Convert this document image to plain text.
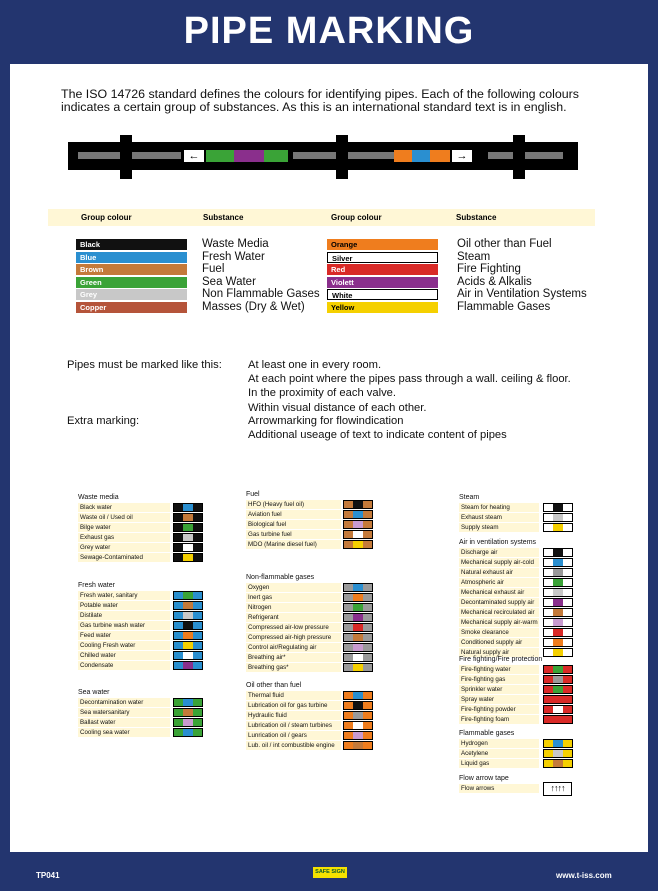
PIPE MARKING
The ISO 14726 standard defines the colours for identifying pipes. Each of the following colours indicates a certain group of substances. As this is an international standard text is in english.
←	→
Group colour	Substance	Group colour	Substance
Black	Waste Media
Blue	Fresh Water
Brown	Fuel
Green	Sea Water
Grey	Non Flammable Gases
Copper	Masses (Dry & Wet)
Orange	Oil other than Fuel
Silver	Steam
Red	Fire Fighting
Violett	Acids & Alkalis
White	Air in Ventilation Systems
Yellow	Flammable Gases
Pipes must be marked like this: At least one in every room.
At each point where the pipes pass through a wall. ceiling & floor.
In the proximity of each valve.
Within visual distance of each other.
Extra marking:	Arrowmarking for flowindication
Additional useage of text to indicate content of pipes
Waste media
Black water
Waste oil / Used oil
Bilge water
Exhaust gas
Grey water
Sewage-Contaminated
Fresh water
Fresh water, sanitary
Potable water
Distilate
Gas turbine wash water
Feed water
Cooling Fresh water
Chilled water
Condensate
Sea water
Decontamination water
Sea watersanitary
Ballast water
Cooling sea water
Fuel
HFO (Heavy fuel oil)
Aviation fuel
Biological fuel
Gas turbine fuel
MDO (Marine diesel fuel)
Non-flammable gases
Oxygen
Inert gas
Nitrogen
Refrigerant
Compressed air-low pressure
Compressed air-high pressure
Control air/Regulating air
Breathing air*
Breathing gas*
Oil other than fuel
Thermal fluid
Lubrication oil for gas turbine
Hydraulic fluid
Lubrication oil / steam turbines
Lunrication oil / gears
Lub. oil / int combustible engine
Steam
Steam for heating
Exhaust steam
Supply steam
Air in ventilation systems
Discharge air
Mechanical supply air-cold
Natural exhaust air
Atmospheric air
Mechanical exhaust air
Decontaminated supply air
Mechanical recirculated air
Mechanical supply air-warm
Smoke clearance
Conditioned supply air
Natural supply air
Fire fighting/Fire protection
Fire-fighting water
Fire-fighting gas
Sprinkler water
Spray water
Fire-fighting powder
Fire-fighting foam
Flammable gases
Hydrogen
Acetylene
Liquid gas
Flow arrow tape
Flow arrows	↑↑↑↑
TP041	SAFE SIGN	www.t-iss.com
